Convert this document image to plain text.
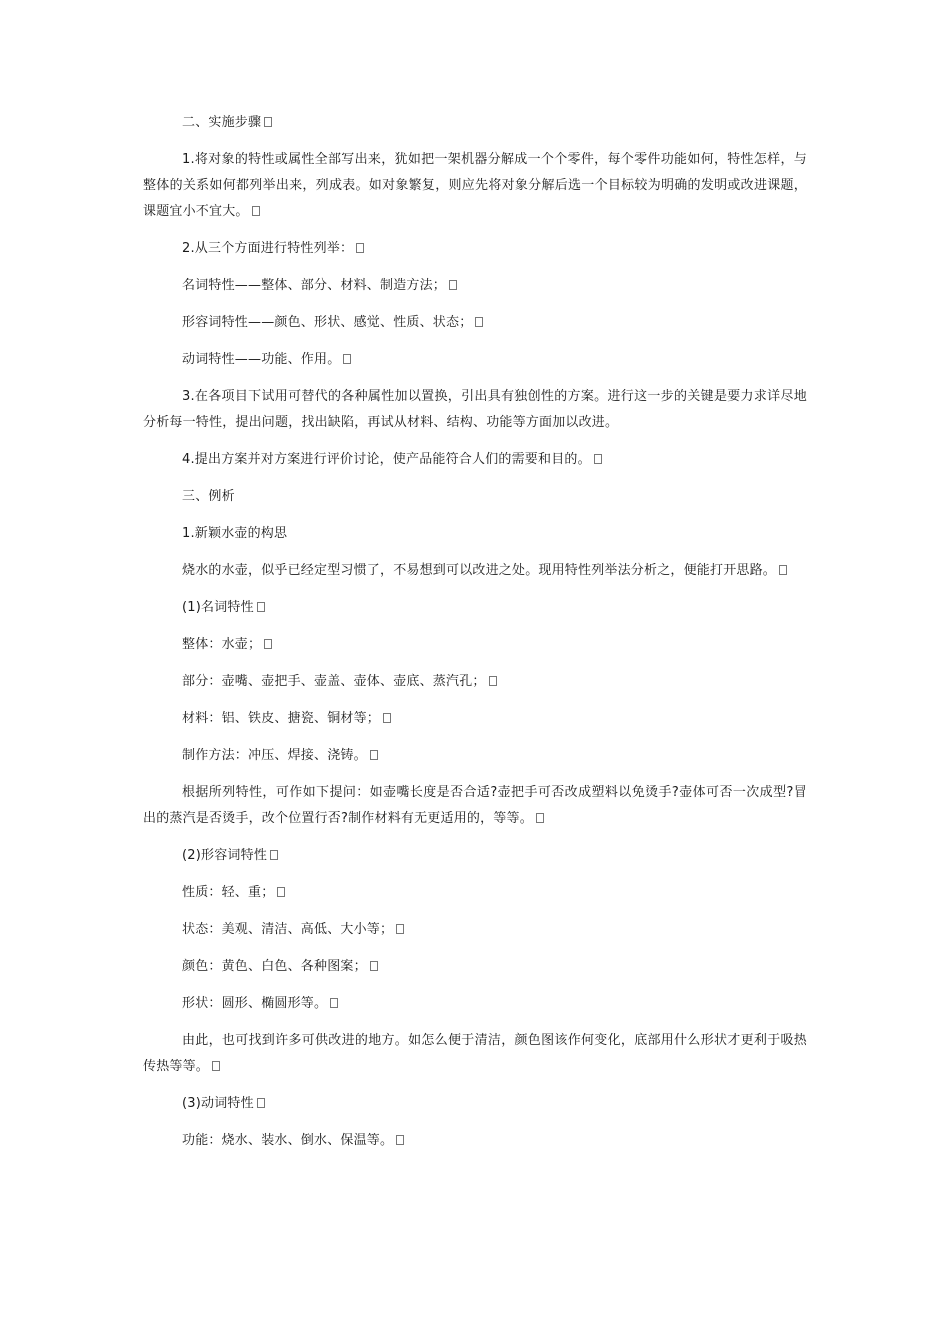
二、实施步骤

1.将对象的特性或属性全部写出来，犹如把一架机器分解成一个个零件，每个零件功能如何，特性怎样，与整体的关系如何都列举出来，列成表。如对象繁复，则应先将对象分解后选一个目标较为明确的发明或改进课题，课题宜小不宜大。

2.从三个方面进行特性列举：

名词特性——整体、部分、材料、制造方法；

形容词特性——颜色、形状、感觉、性质、状态；

动词特性——功能、作用。

3.在各项目下试用可替代的各种属性加以置换，引出具有独创性的方案。进行这一步的关键是要力求详尽地分析每一特性，提出问题，找出缺陷，再试从材料、结构、功能等方面加以改进。

4.提出方案并对方案进行评价讨论，使产品能符合人们的需要和目的。

三、例析

1.新颖水壶的构思

烧水的水壶，似乎已经定型习惯了，不易想到可以改进之处。现用特性列举法分析之，便能打开思路。

(1)名词特性

整体：水壶；

部分：壶嘴、壶把手、壶盖、壶体、壶底、蒸汽孔；

材料：铝、铁皮、搪瓷、铜材等；

制作方法：冲压、焊接、浇铸。

根据所列特性，可作如下提问：如壶嘴长度是否合适?壶把手可否改成塑料以免烫手?壶体可否一次成型?冒出的蒸汽是否烫手，改个位置行否?制作材料有无更适用的，等等。

(2)形容词特性

性质：轻、重；

状态：美观、清洁、高低、大小等；

颜色：黄色、白色、各种图案；

形状：圆形、椭圆形等。

由此，也可找到许多可供改进的地方。如怎么便于清洁，颜色图该作何变化，底部用什么形状才更利于吸热传热等等。

(3)动词特性

功能：烧水、装水、倒水、保温等。
